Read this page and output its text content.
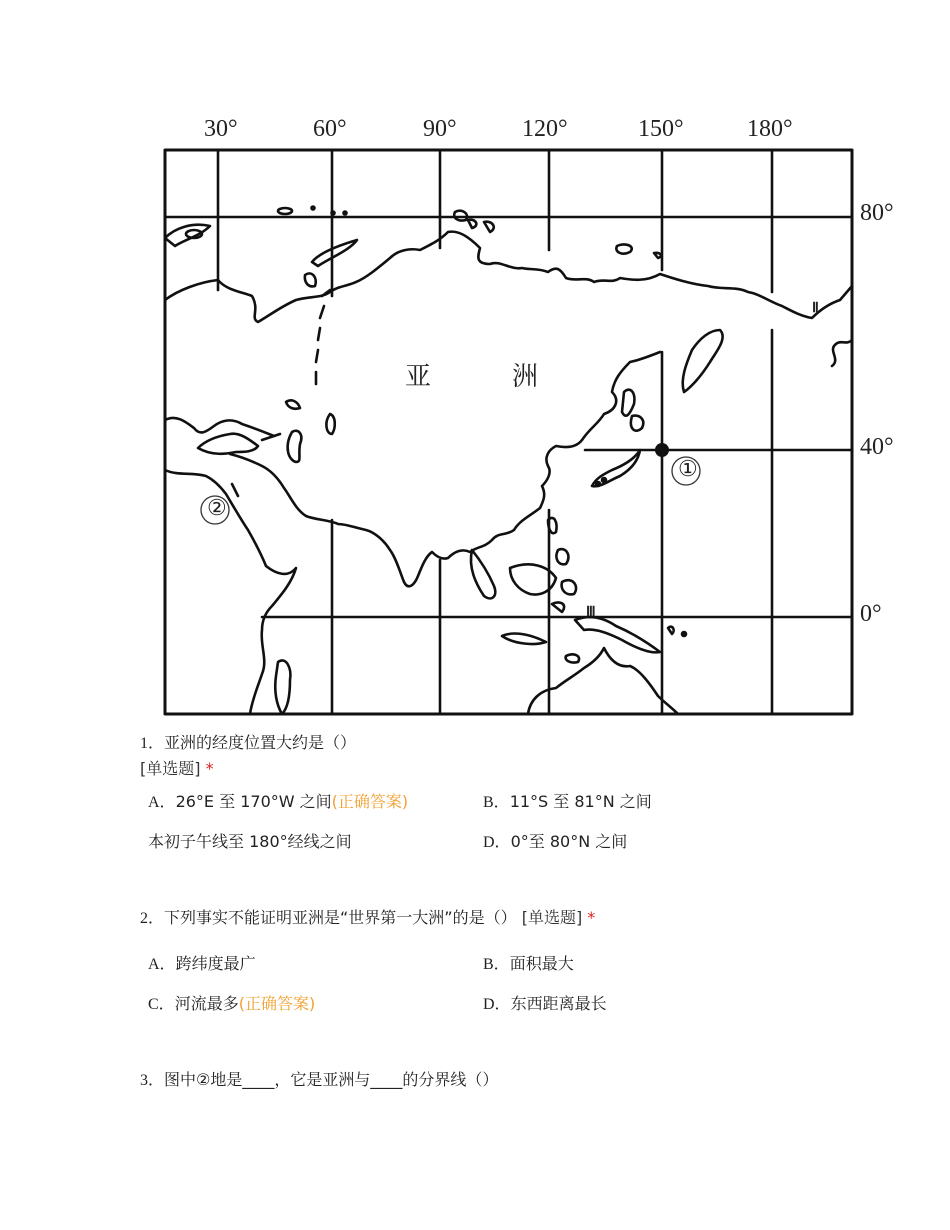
30°	60°	90°	120°	150°	180°
80°
40°
0°
亚	洲
①
②
Ⅱ
Ⅲ
1．亚洲的经度位置大约是（）
[单选题] *
A．26°E 至 170°W 之间(正确答案)	B．11°S 至 81°N 之间
本初子午线至 180°经线之间	D．0°至 80°N 之间
2．下列事实不能证明亚洲是“世界第一大洲”的是（） [单选题] *
A．跨纬度最广	B．面积最大
C．河流最多(正确答案)	D．东西距离最长
3．图中②地是____，它是亚洲与____的分界线（）
